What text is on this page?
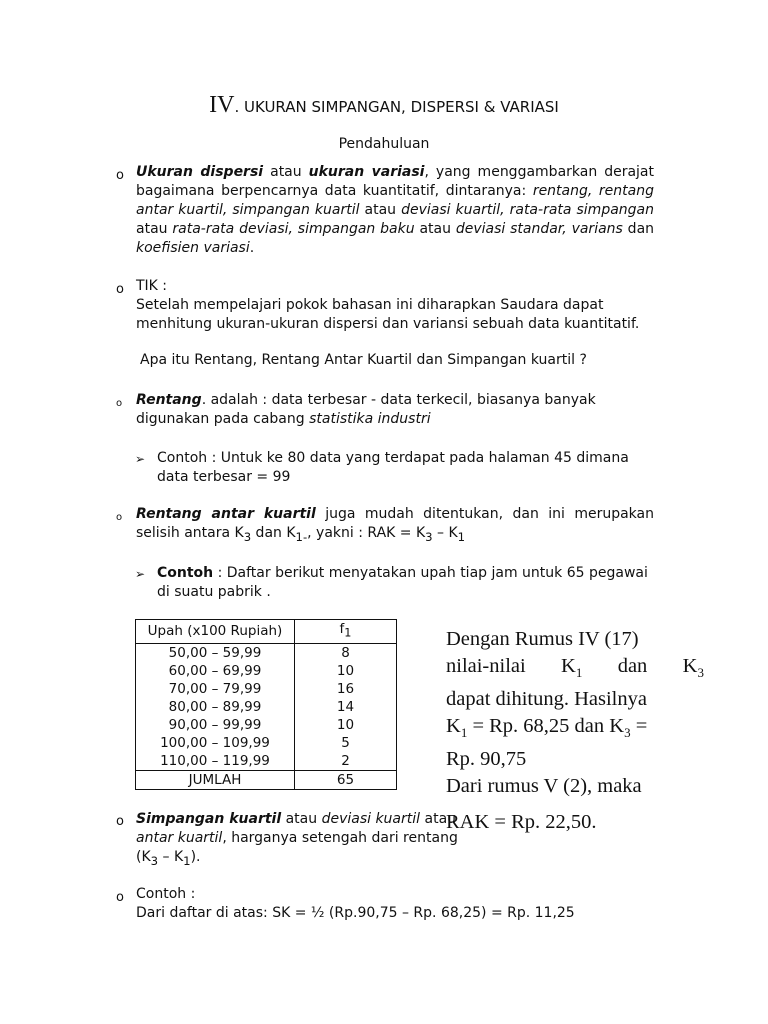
IV. UKURAN SIMPANGAN, DISPERSI & VARIASI
Pendahuluan
o Ukuran dispersi atau ukuran variasi, yang menggambarkan derajat bagaimana berpencarnya data kuantitatif, dintaranya: rentang, rentang antar kuartil, simpangan kuartil atau deviasi kuartil, rata-rata simpangan atau rata-rata deviasi, simpangan baku atau deviasi standar, varians dan koefisien variasi.
o TIK :
Setelah mempelajari pokok bahasan ini diharapkan Saudara dapat menhitung ukuran-ukuran dispersi dan variansi sebuah data kuantitatif.
Apa itu Rentang, Rentang Antar Kuartil dan Simpangan kuartil ?
o Rentang. adalah : data terbesar - data terkecil, biasanya banyak digunakan pada cabang statistika industri
➢ Contoh : Untuk ke 80 data yang terdapat pada halaman 45 dimana data terbesar = 99
o Rentang antar kuartil juga mudah ditentukan, dan ini merupakan selisih antara $K_3$ dan $K_{1-}$, yakni : RAK = $K_3 - K_1$
➢ Contoh : Daftar berikut menyatakan upah tiap jam untuk 65 pegawai di suatu pabrik .
Upah (x100 Rupiah)	$f_1$
50,00 – 59,99	8
60,00 – 69,99	10
70,00 – 79,99	16
80,00 – 89,99	14
90,00 – 99,99	10
100,00 – 109,99	5
110,00 – 119,99	2
JUMLAH	65
Dengan Rumus IV (17)
nilai-nilai $K_1$ dan $K_3$
dapat dihitung. Hasilnya
$K_1 = Rp$. 68,25 dan $K_3$ =
Rp. 90,75
Dari rumus V (2), maka
RAK = Rp. 22,50.
o Simpangan kuartil atau deviasi kuartil atau
antar kuartil, harganya setengah dari rentang
$(K_3 - K_1)$.
o Contoh :
Dari daftar di atas: SK = ½ (Rp.90,75 – Rp. 68,25) = Rp. 11,25
